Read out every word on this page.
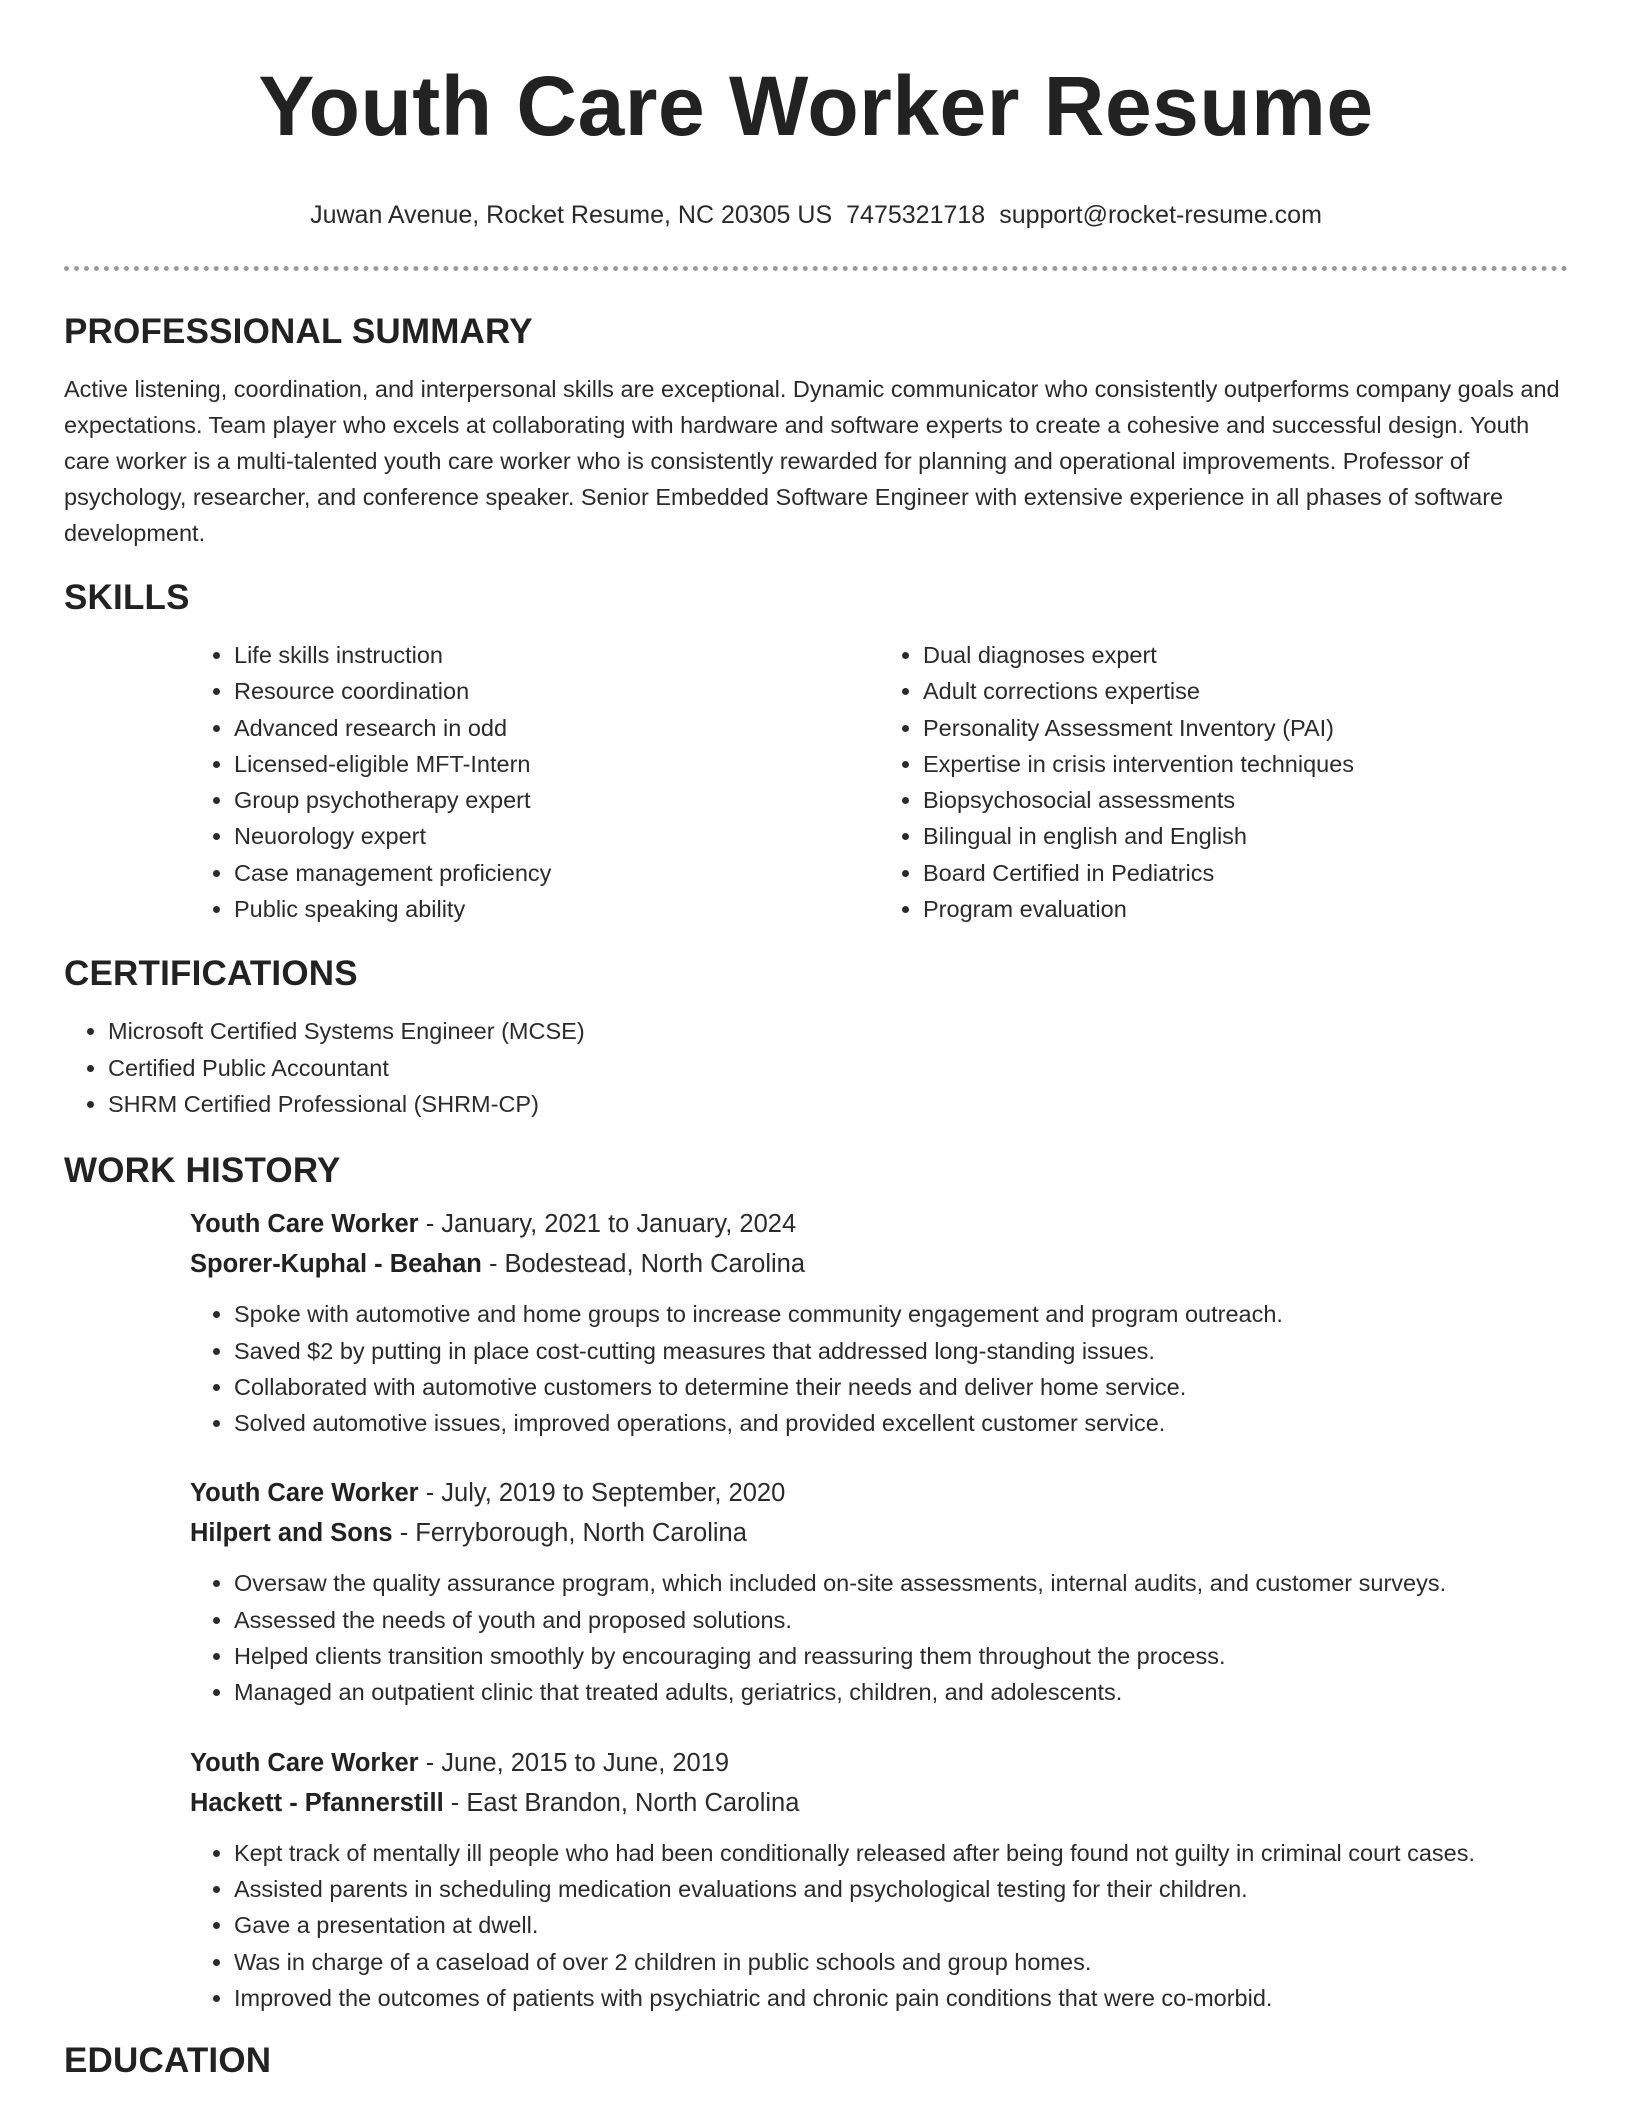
Youth Care Worker Resume
Juwan Avenue, Rocket Resume, NC 20305 US 7475321718 support@rocket-resume.com
PROFESSIONAL SUMMARY

Active listening, coordination, and interpersonal skills are exceptional. Dynamic communicator who consistently outperforms company goals and expectations. Team player who excels at collaborating with hardware and software experts to create a cohesive and successful design. Youth care worker is a multi-talented youth care worker who is consistently rewarded for planning and operational improvements. Professor of psychology, researcher, and conference speaker. Senior Embedded Software Engineer with extensive experience in all phases of software development.

SKILLS
• Life skills instruction
• Resource coordination
• Advanced research in odd
• Licensed-eligible MFT-Intern
• Group psychotherapy expert
• Neuorology expert
• Case management proficiency
• Public speaking ability
• Dual diagnoses expert
• Adult corrections expertise
• Personality Assessment Inventory (PAI)
• Expertise in crisis intervention techniques
• Biopsychosocial assessments
• Bilingual in english and English
• Board Certified in Pediatrics
• Program evaluation
CERTIFICATIONS
• Microsoft Certified Systems Engineer (MCSE)
• Certified Public Accountant
• SHRM Certified Professional (SHRM-CP)
WORK HISTORY

Youth Care Worker - January, 2021 to January, 2024

Sporer-Kuphal - Beahan - Bodestead, North Carolina

• Spoke with automotive and home groups to increase community engagement and program outreach.
• Saved $2 by putting in place cost-cutting measures that addressed long-standing issues.
• Collaborated with automotive customers to determine their needs and deliver home service.
• Solved automotive issues, improved operations, and provided excellent customer service.

Youth Care Worker - July, 2019 to September, 2020

Hilpert and Sons - Ferryborough, North Carolina

• Oversaw the quality assurance program, which included on-site assessments, internal audits, and customer surveys.
• Assessed the needs of youth and proposed solutions.
• Helped clients transition smoothly by encouraging and reassuring them throughout the process.
• Managed an outpatient clinic that treated adults, geriatrics, children, and adolescents.

Youth Care Worker - June, 2015 to June, 2019

Hackett - Pfannerstill - East Brandon, North Carolina

• Kept track of mentally ill people who had been conditionally released after being found not guilty in criminal court cases.
• Assisted parents in scheduling medication evaluations and psychological testing for their children.
• Gave a presentation at dwell.
• Was in charge of a caseload of over 2 children in public schools and group homes.
• Improved the outcomes of patients with psychiatric and chronic pain conditions that were co-morbid.
EDUCATION
